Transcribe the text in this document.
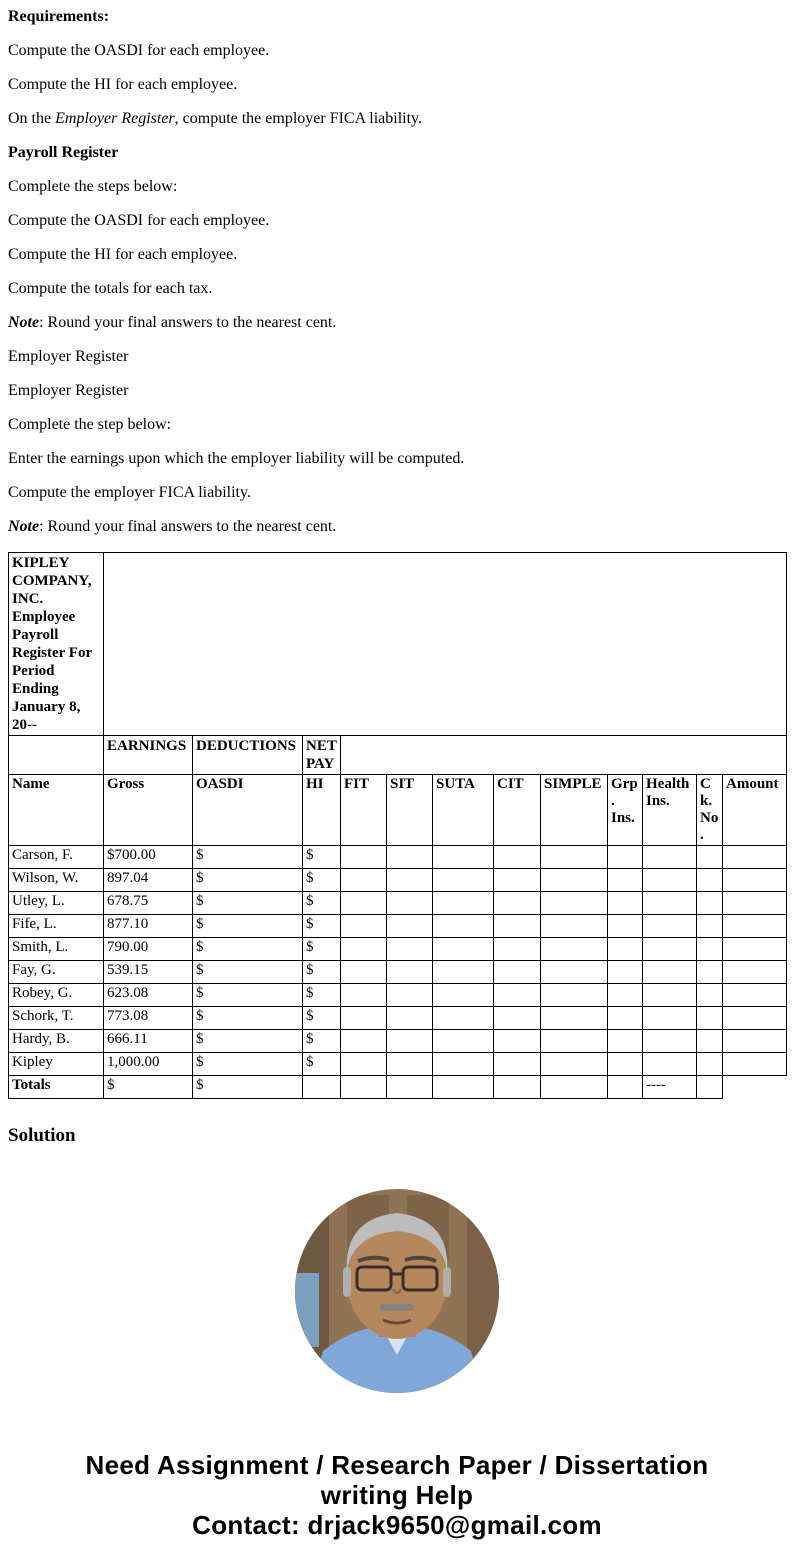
Requirements:

Compute the OASDI for each employee.

Compute the HI for each employee.

On the Employer Register, compute the employer FICA liability.

Payroll Register

Complete the steps below:

Compute the OASDI for each employee.

Compute the HI for each employee.

Compute the totals for each tax.

Note: Round your final answers to the nearest cent.

Employer Register

Employer Register

Complete the step below:

Enter the earnings upon which the employer liability will be computed.

Compute the employer FICA liability.

Note: Round your final answers to the nearest cent.

KIPLEY COMPANY, INC. Employee Payroll Register For Period Ending January 8, 20--												
	EARNINGS	DEDUCTIONS	NET PAY									
Name	Gross	OASDI	HI	FIT	SIT	SUTA	CIT	SIMPLE	Grp. Ins.	Health Ins.	Ck. No.	Amount
Carson, F.	$700.00	$	$									
Wilson, W.	897.04	$	$									
Utley, L.	678.75	$	$									
Fife, L.	877.10	$	$									
Smith, L.	790.00	$	$									
Fay, G.	539.15	$	$									
Robey, G.	623.08	$	$									
Schork, T.	773.08	$	$									
Hardy, B.	666.11	$	$									
Kipley	1,000.00	$	$									
Totals	$	$								----		
Solution
Need Assignment / Research Paper / Dissertation
writing Help
Contact: drjack9650@gmail.com
